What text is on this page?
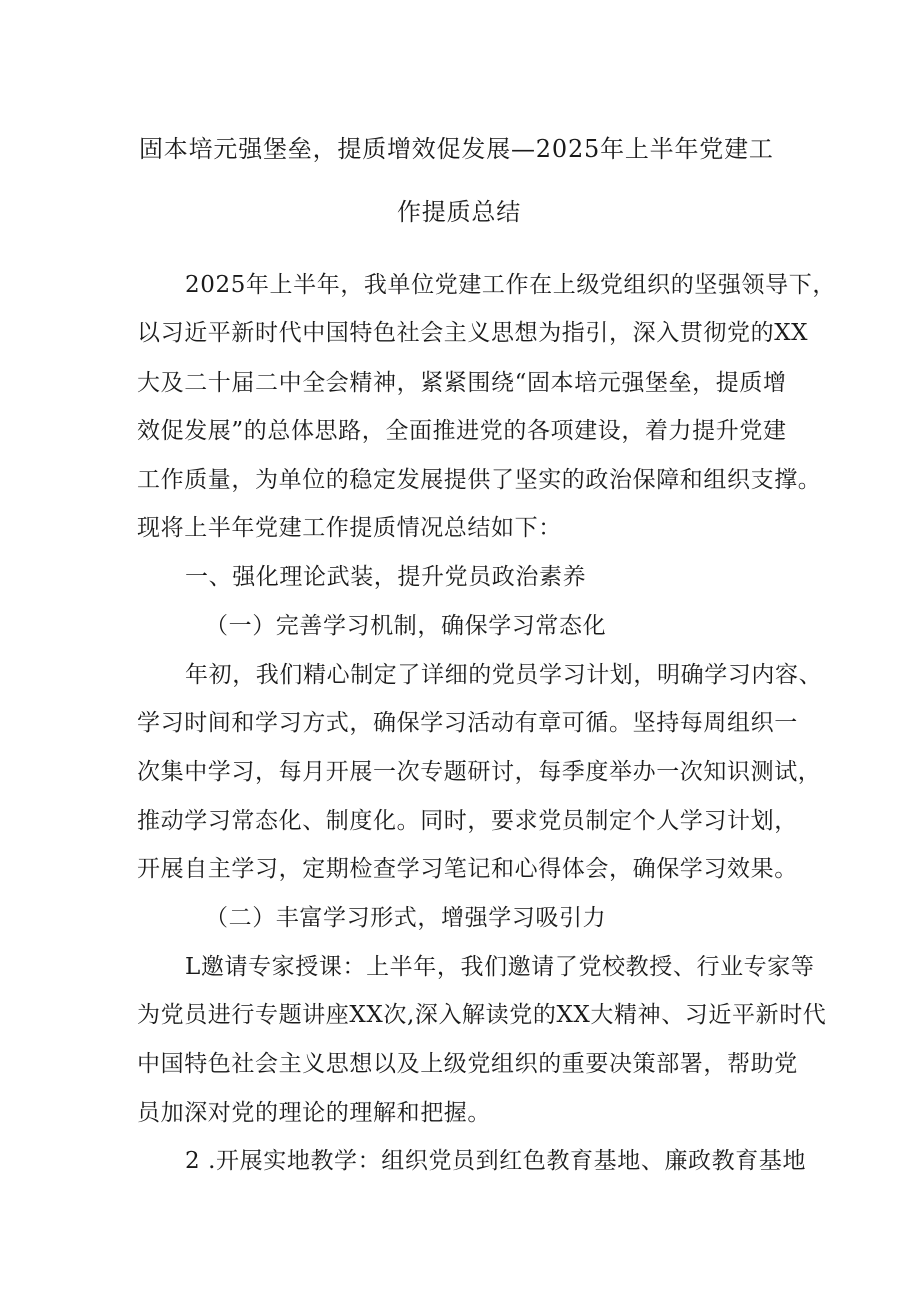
固本培元强堡垒，提质增效促发展—2025年上半年党建工
作提质总结
2025年上半年，我单位党建工作在上级党组织的坚强领导下，
以习近平新时代中国特色社会主义思想为指引，深入贯彻党的XX
大及二十届二中全会精神，紧紧围绕“固本培元强堡垒，提质增
效促发展”的总体思路，全面推进党的各项建设，着力提升党建
工作质量，为单位的稳定发展提供了坚实的政治保障和组织支撑。
现将上半年党建工作提质情况总结如下：
一、强化理论武装，提升党员政治素养
（一）完善学习机制，确保学习常态化
年初，我们精心制定了详细的党员学习计划，明确学习内容、
学习时间和学习方式，确保学习活动有章可循。坚持每周组织一
次集中学习，每月开展一次专题研讨，每季度举办一次知识测试，
推动学习常态化、制度化。同时，要求党员制定个人学习计划，
开展自主学习，定期检查学习笔记和心得体会，确保学习效果。
（二）丰富学习形式，增强学习吸引力
L邀请专家授课：上半年，我们邀请了党校教授、行业专家等
为党员进行专题讲座XX次,深入解读党的XX大精神、习近平新时代
中国特色社会主义思想以及上级党组织的重要决策部署，帮助党
员加深对党的理论的理解和把握。
2 .开展实地教学：组织党员到红色教育基地、廉政教育基地
